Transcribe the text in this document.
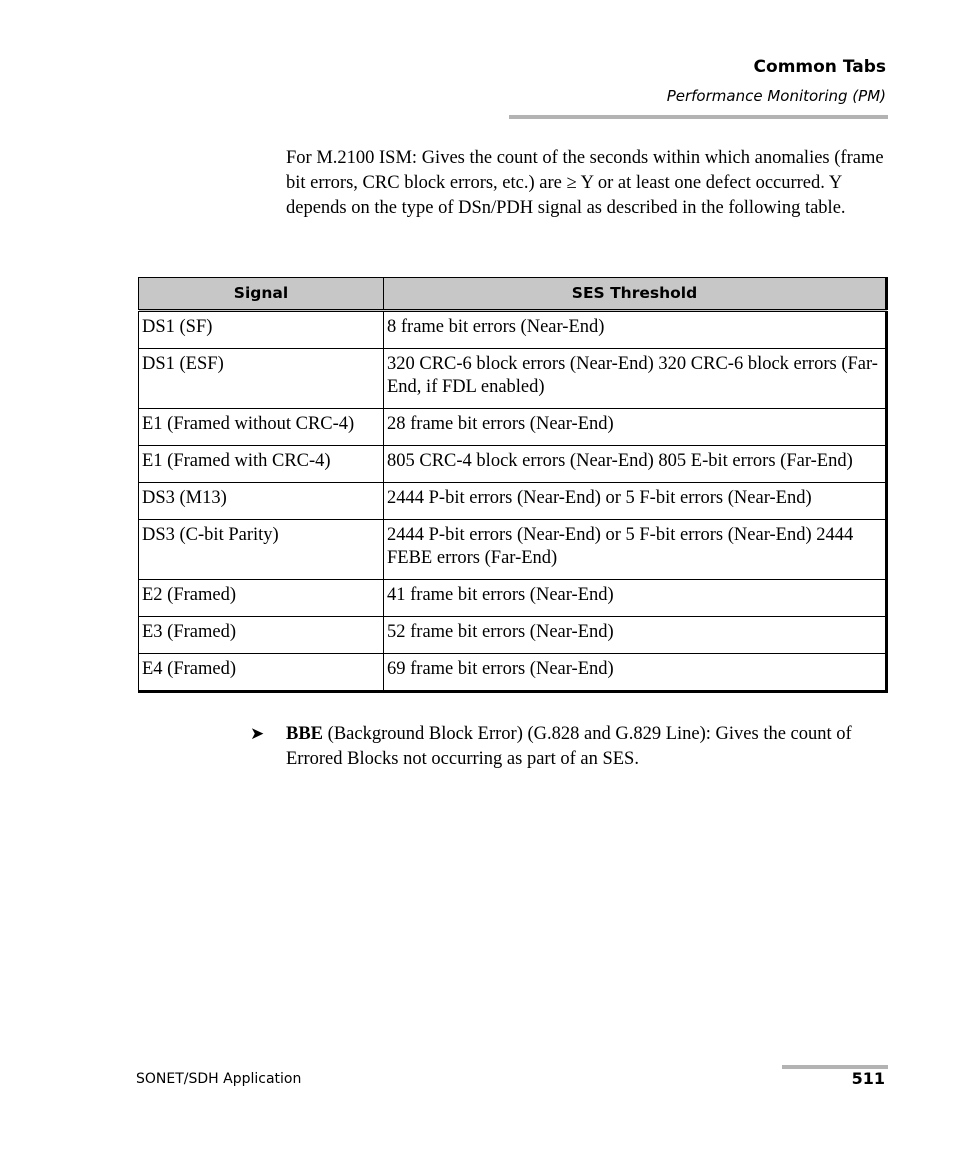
Common Tabs
Performance Monitoring (PM)

For M.2100 ISM: Gives the count of the seconds within which anomalies (frame bit errors, CRC block errors, etc.) are ≥ Y or at least one defect occurred. Y depends on the type of DSn/PDH signal as described in the following table.

Signal	SES Threshold
DS1 (SF)	8 frame bit errors (Near-End)
DS1 (ESF)	320 CRC-6 block errors (Near-End) 320 CRC-6 block errors (Far-End, if FDL enabled)
E1 (Framed without CRC-4)	28 frame bit errors (Near-End)
E1 (Framed with CRC-4)	805 CRC-4 block errors (Near-End) 805 E-bit errors (Far-End)
DS3 (M13)	2444 P-bit errors (Near-End) or 5 F-bit errors (Near-End)
DS3 (C-bit Parity)	2444 P-bit errors (Near-End) or 5 F-bit errors (Near-End) 2444 FEBE errors (Far-End)
E2 (Framed)	41 frame bit errors (Near-End)
E3 (Framed)	52 frame bit errors (Near-End)
E4 (Framed)	69 frame bit errors (Near-End)
➤ BBE (Background Block Error) (G.828 and G.829 Line): Gives the count of Errored Blocks not occurring as part of an SES.
SONET/SDH Application	511
